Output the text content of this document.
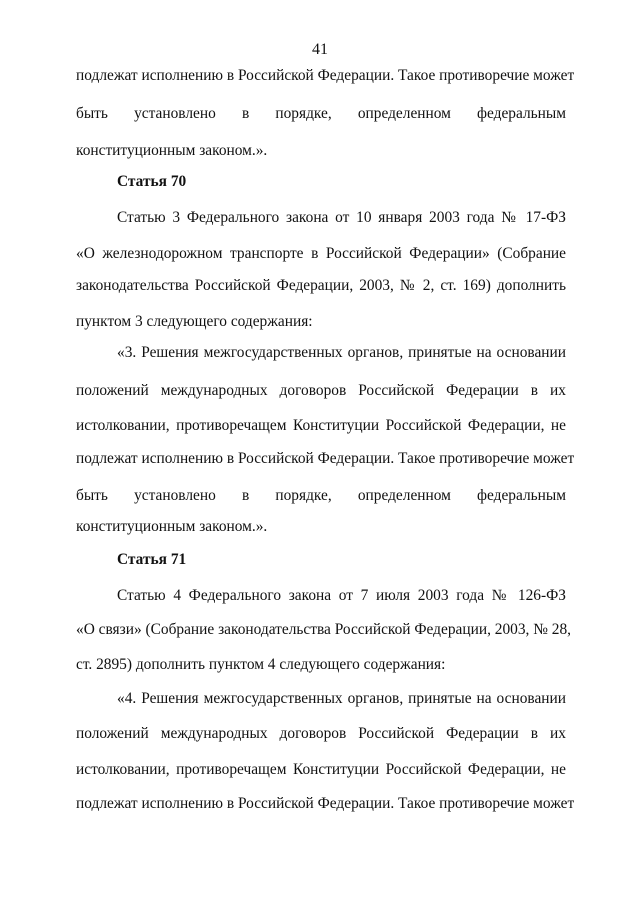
41
подлежат исполнению в Российской Федерации. Такое противоречие может
быть установлено в порядке, определенном федеральным
конституционным законом.».
Статья 70
Статью 3 Федерального закона от 10 января 2003 года № 17-ФЗ
«О железнодорожном транспорте в Российской Федерации» (Собрание
законодательства Российской Федерации, 2003, № 2, ст. 169) дополнить
пунктом 3 следующего содержания:
«3. Решения межгосударственных органов, принятые на основании
положений международных договоров Российской Федерации в их
истолковании, противоречащем Конституции Российской Федерации, не
подлежат исполнению в Российской Федерации. Такое противоречие может
быть установлено в порядке, определенном федеральным
конституционным законом.».
Статья 71
Статью 4 Федерального закона от 7 июля 2003 года № 126-ФЗ
«О связи» (Собрание законодательства Российской Федерации, 2003, № 28,
ст. 2895) дополнить пунктом 4 следующего содержания:
«4. Решения межгосударственных органов, принятые на основании
положений международных договоров Российской Федерации в их
истолковании, противоречащем Конституции Российской Федерации, не
подлежат исполнению в Российской Федерации. Такое противоречие может
